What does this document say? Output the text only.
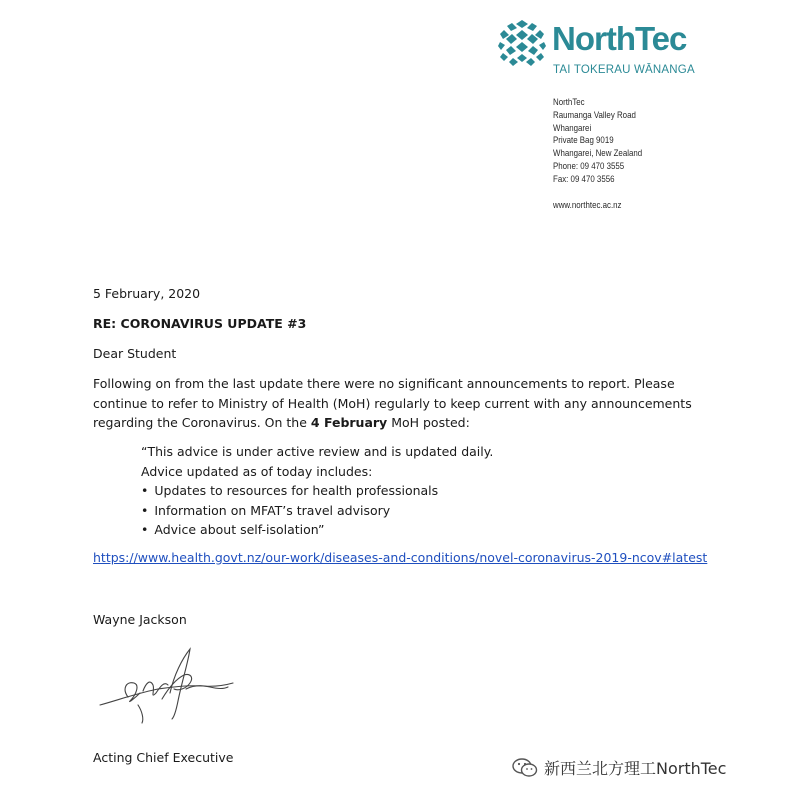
NorthTec
TAI TOKERAU WĀNANGA
NorthTec
Raumanga Valley Road
Whangarei
Private Bag 9019
Whangarei, New Zealand
Phone: 09 470 3555
Fax: 09 470 3556
www.northtec.ac.nz
5 February, 2020
RE: CORONAVIRUS UPDATE #3
Dear Student
Following on from the last update there were no significant announcements to report. Please
continue to refer to Ministry of Health (MoH) regularly to keep current with any announcements
regarding the Coronavirus. On the 4 February MoH posted:
“This advice is under active review and is updated daily.
Advice updated as of today includes:
• Updates to resources for health professionals
• Information on MFAT’s travel advisory
• Advice about self-isolation”
https://www.health.govt.nz/our-work/diseases-and-conditions/novel-coronavirus-2019-ncov#latest
Wayne Jackson
Acting Chief Executive
新西兰北方理工NorthTec
